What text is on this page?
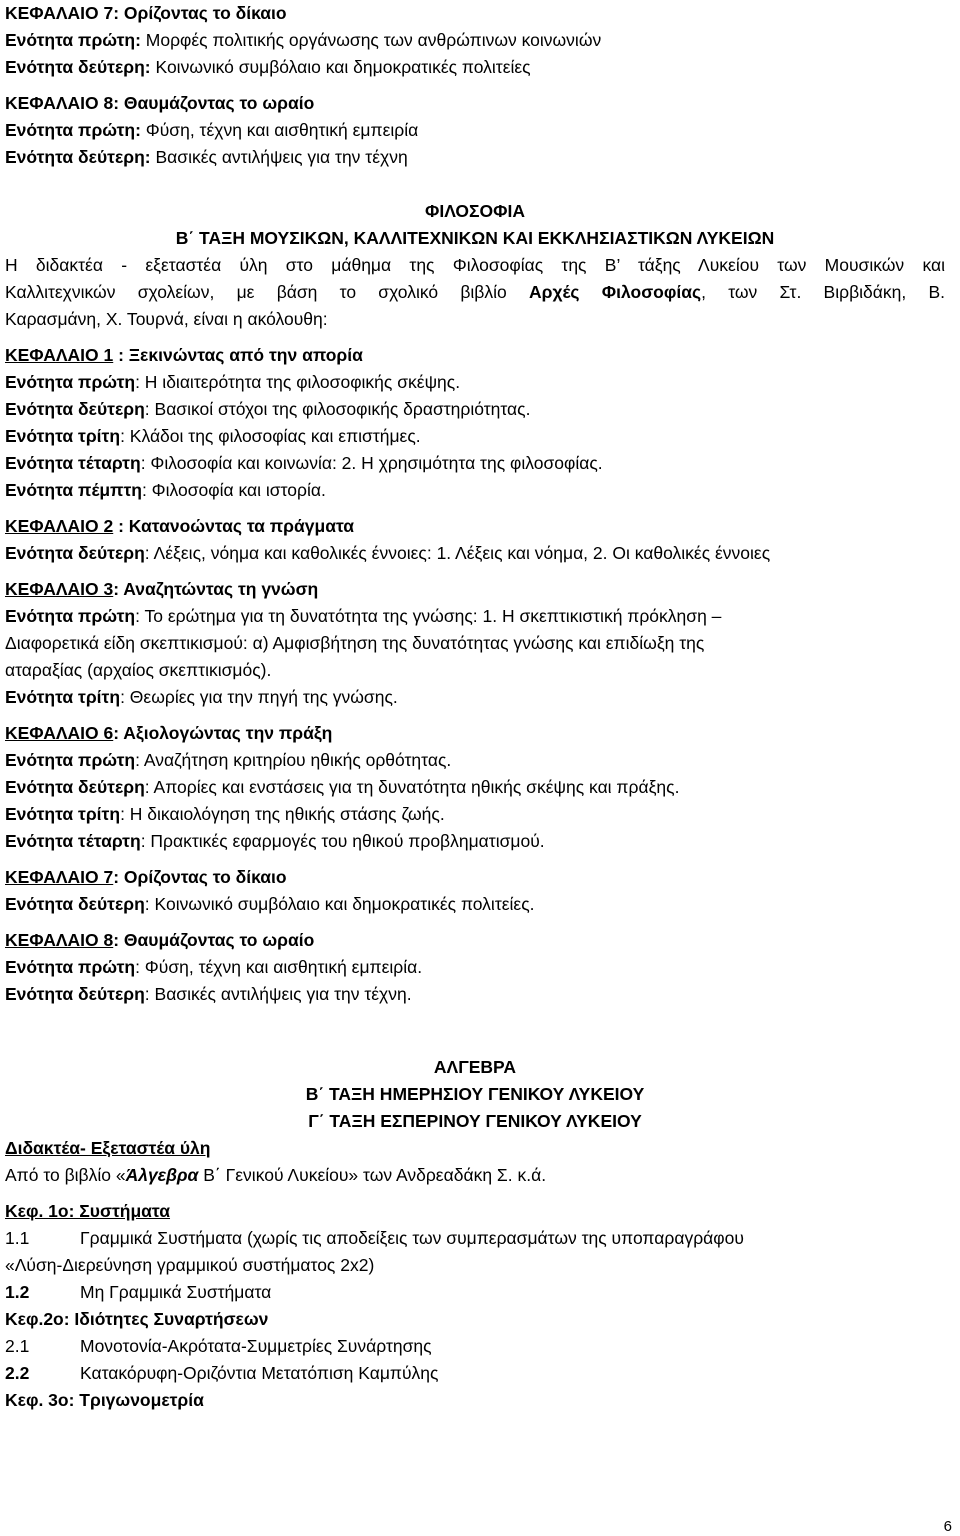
ΚΕΦΑΛΑΙΟ 7: Ορίζοντας το δίκαιο
Ενότητα πρώτη: Μορφές πολιτικής οργάνωσης των ανθρώπινων κοινωνιών
Ενότητα δεύτερη: Κοινωνικό συμβόλαιο και δημοκρατικές πολιτείες
ΚΕΦΑΛΑΙΟ 8: Θαυμάζοντας το ωραίο
Ενότητα πρώτη: Φύση, τέχνη και αισθητική εμπειρία
Ενότητα δεύτερη: Βασικές αντιλήψεις για την τέχνη
ΦΙΛΟΣΟΦΙΑ
Β΄ ΤΑΞΗ ΜΟΥΣΙΚΩΝ, ΚΑΛΛΙΤΕΧΝΙΚΩΝ ΚΑΙ ΕΚΚΛΗΣΙΑΣΤΙΚΩΝ ΛΥΚΕΙΩΝ
Η διδακτέα - εξεταστέα ύλη στο μάθημα της Φιλοσοφίας της Β’ τάξης Λυκείου των Μουσικών και
Καλλιτεχνικών σχολείων, με βάση το σχολικό βιβλίο Αρχές Φιλοσοφίας, των Στ. Βιρβιδάκη, Β.
Καρασμάνη, Χ. Τουρνά, είναι η ακόλουθη:
ΚΕΦΑΛΑΙΟ 1 : Ξεκινώντας από την απορία
Ενότητα πρώτη: Η ιδιαιτερότητα της φιλοσοφικής σκέψης.
Ενότητα δεύτερη: Βασικοί στόχοι της φιλοσοφικής δραστηριότητας.
Ενότητα τρίτη: Κλάδοι της φιλοσοφίας και επιστήμες.
Ενότητα τέταρτη: Φιλοσοφία και κοινωνία: 2. Η χρησιμότητα της φιλοσοφίας.
Ενότητα πέμπτη: Φιλοσοφία και ιστορία.
ΚΕΦΑΛΑΙΟ 2 : Κατανοώντας τα πράγματα
Ενότητα δεύτερη: Λέξεις, νόημα και καθολικές έννοιες: 1. Λέξεις και νόημα, 2. Οι καθολικές έννοιες
ΚΕΦΑΛΑΙΟ 3: Αναζητώντας τη γνώση
Ενότητα πρώτη: Το ερώτημα για τη δυνατότητα της γνώσης: 1. Η σκεπτικιστική πρόκληση –
Διαφορετικά είδη σκεπτικισμού: α) Αμφισβήτηση της δυνατότητας γνώσης και επιδίωξη της
αταραξίας (αρχαίος σκεπτικισμός).
Ενότητα τρίτη: Θεωρίες για την πηγή της γνώσης.
ΚΕΦΑΛΑΙΟ 6: Αξιολογώντας την πράξη
Ενότητα πρώτη: Αναζήτηση κριτηρίου ηθικής ορθότητας.
Ενότητα δεύτερη: Απορίες και ενστάσεις για τη δυνατότητα ηθικής σκέψης και πράξης.
Ενότητα τρίτη: Η δικαιολόγηση της ηθικής στάσης ζωής.
Ενότητα τέταρτη: Πρακτικές εφαρμογές του ηθικού προβληματισμού.
ΚΕΦΑΛΑΙΟ 7: Ορίζοντας το δίκαιο
Ενότητα δεύτερη: Κοινωνικό συμβόλαιο και δημοκρατικές πολιτείες.
ΚΕΦΑΛΑΙΟ 8: Θαυμάζοντας το ωραίο
Ενότητα πρώτη: Φύση, τέχνη και αισθητική εμπειρία.
Ενότητα δεύτερη: Βασικές αντιλήψεις για την τέχνη.
ΑΛΓΕΒΡΑ
Β΄ ΤΑΞΗ ΗΜΕΡΗΣΙΟΥ ΓΕΝΙΚΟΥ ΛΥΚΕΙΟΥ
Γ΄ ΤΑΞΗ ΕΣΠΕΡΙΝΟΥ ΓΕΝΙΚΟΥ ΛΥΚΕΙΟΥ
Διδακτέα- Εξεταστέα ύλη
Από το βιβλίο «Άλγεβρα Β΄ Γενικού Λυκείου» των Ανδρεαδάκη Σ. κ.ά.
Κεφ. 1ο: Συστήματα
1.1	Γραμμικά Συστήματα (χωρίς τις αποδείξεις των συμπερασμάτων της υποπαραγράφου
«Λύση-Διερεύνηση γραμμικού συστήματος 2x2)
1.2	Μη Γραμμικά Συστήματα
Κεφ.2ο: Ιδιότητες Συναρτήσεων
2.1	Μονοτονία-Ακρότατα-Συμμετρίες Συνάρτησης
2.2	Κατακόρυφη-Οριζόντια Μετατόπιση Καμπύλης
Κεφ. 3ο: Τριγωνομετρία
6
